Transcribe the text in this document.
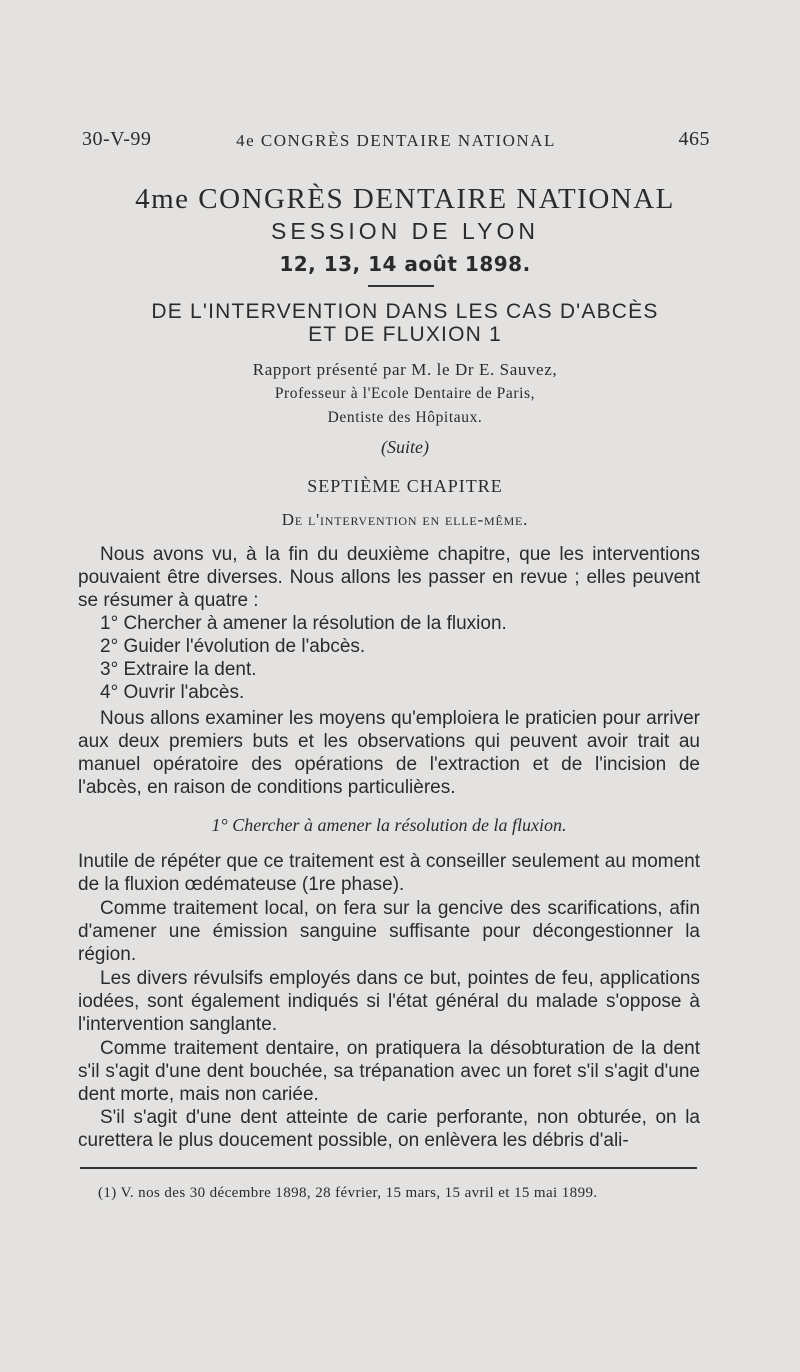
30-V-99	4e CONGRÈS DENTAIRE NATIONAL	465
4me CONGRÈS DENTAIRE NATIONAL
SESSION DE LYON
12, 13, 14 août 1898.
DE L'INTERVENTION DANS LES CAS D'ABCÈS
ET DE FLUXION 1
Rapport présenté par M. le Dr E. Sauvez,
Professeur à l'Ecole Dentaire de Paris,
Dentiste des Hôpitaux.
(Suite)
SEPTIÈME CHAPITRE
De l'intervention en elle-même.
Nous avons vu, à la fin du deuxième chapitre, que les interventions pouvaient être diverses. Nous allons les passer en revue ; elles peuvent se résumer à quatre :
1° Chercher à amener la résolution de la fluxion.
2° Guider l'évolution de l'abcès.
3° Extraire la dent.
4° Ouvrir l'abcès.
Nous allons examiner les moyens qu'emploiera le praticien pour arriver aux deux premiers buts et les observations qui peuvent avoir trait au manuel opératoire des opérations de l'extraction et de l'incision de l'abcès, en raison de conditions particulières.
1° Chercher à amener la résolution de la fluxion.
Inutile de répéter que ce traitement est à conseiller seulement au moment de la fluxion œdémateuse (1re phase).
Comme traitement local, on fera sur la gencive des scarifications, afin d'amener une émission sanguine suffisante pour décongestionner la région.
Les divers révulsifs employés dans ce but, pointes de feu, applications iodées, sont également indiqués si l'état général du malade s'oppose à l'intervention sanglante.
Comme traitement dentaire, on pratiquera la désobturation de la dent s'il s'agit d'une dent bouchée, sa trépanation avec un foret s'il s'agit d'une dent morte, mais non cariée.
S'il s'agit d'une dent atteinte de carie perforante, non obturée, on la curettera le plus doucement possible, on enlèvera les débris d'ali-
(1) V. nos des 30 décembre 1898, 28 février, 15 mars, 15 avril et 15 mai 1899.
